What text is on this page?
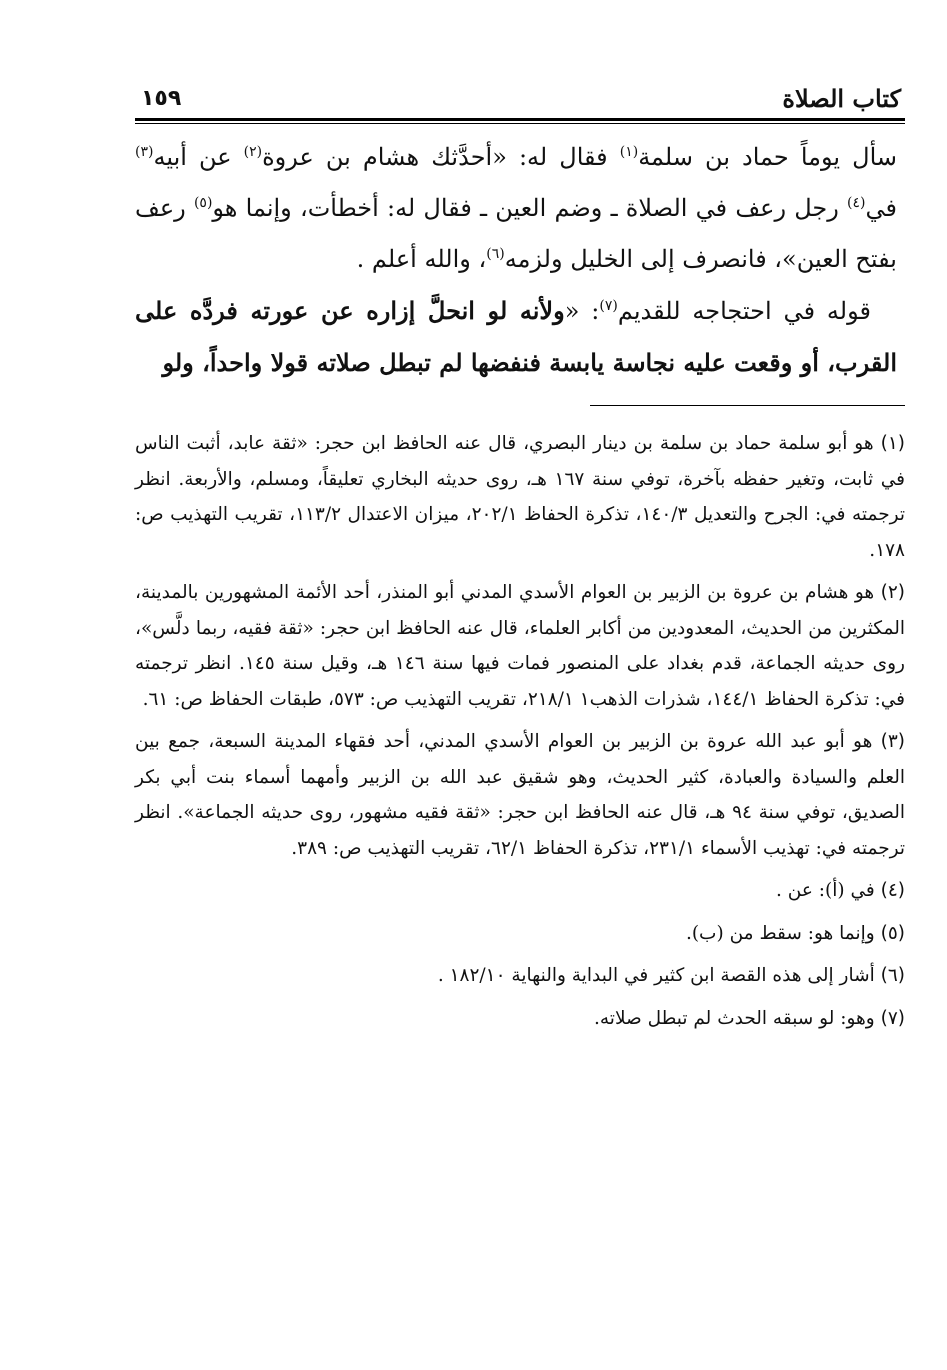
كتاب الصلاة
١٥٩

سأل يوماً حماد بن سلمة$^{(١)}$ فقال له: «أحدَّثك هشام بن عروة$^{(٢)}$ عن أبيه$^{(٣)}$ في$^{(٤)}$ رجل رعف في الصلاة ـ وضم العين ـ فقال له: أخطأت، وإنما هو$^{(٥)}$ رعف بفتح العين»، فانصرف إلى الخليل ولزمه$^{(٦)}$، والله أعلم .

قوله في احتجاجه للقديم$^{(٧)}$: «ولأنه لو انحلَّ إزاره عن عورته فردَّه على القرب، أو وقعت عليه نجاسة يابسة فنفضها لم تبطل صلاته قولا واحداً، ولو

(١) هو أبو سلمة حماد بن سلمة بن دينار البصري، قال عنه الحافظ ابن حجر: «ثقة عابد، أثبت الناس في ثابت، وتغير حفظه بآخرة، توفي سنة ١٦٧ هـ، روى حديثه البخاري تعليقاً، ومسلم، والأربعة. انظر ترجمته في: الجرح والتعديل ١٤٠/٣، تذكرة الحفاظ ٢٠٢/١، ميزان الاعتدال ١١٣/٢، تقريب التهذيب ص: ١٧٨.

(٢) هو هشام بن عروة بن الزبير بن العوام الأسدي المدني أبو المنذر، أحد الأئمة المشهورين بالمدينة، المكثرين من الحديث، المعدودين من أكابر العلماء، قال عنه الحافظ ابن حجر: «ثقة فقيه، ربما دلَّس»، روى حديثه الجماعة، قدم بغداد على المنصور فمات فيها سنة ١٤٦ هـ، وقيل سنة ١٤٥. انظر ترجمته في: تذكرة الحفاظ ١٤٤/١، شذرات الذهب١ ٢١٨/١، تقريب التهذيب ص: ٥٧٣، طبقات الحفاظ ص: ٦١.

(٣) هو أبو عبد الله عروة بن الزبير بن العوام الأسدي المدني، أحد فقهاء المدينة السبعة، جمع بين العلم والسيادة والعبادة، كثير الحديث، وهو شقيق عبد الله بن الزبير وأمهما أسماء بنت أبي بكر الصديق، توفي سنة ٩٤ هـ، قال عنه الحافظ ابن حجر: «ثقة فقيه مشهور، روى حديثه الجماعة». انظر ترجمته في: تهذيب الأسماء ٢٣١/١، تذكرة الحفاظ ٦٢/١، تقريب التهذيب ص: ٣٨٩.

(٤) في (أ): عن .

(٥) وإنما هو: سقط من (ب).

(٦) أشار إلى هذه القصة ابن كثير في البداية والنهاية ١٨٢/١٠ .

(٧) وهو: لو سبقه الحدث لم تبطل صلاته.
